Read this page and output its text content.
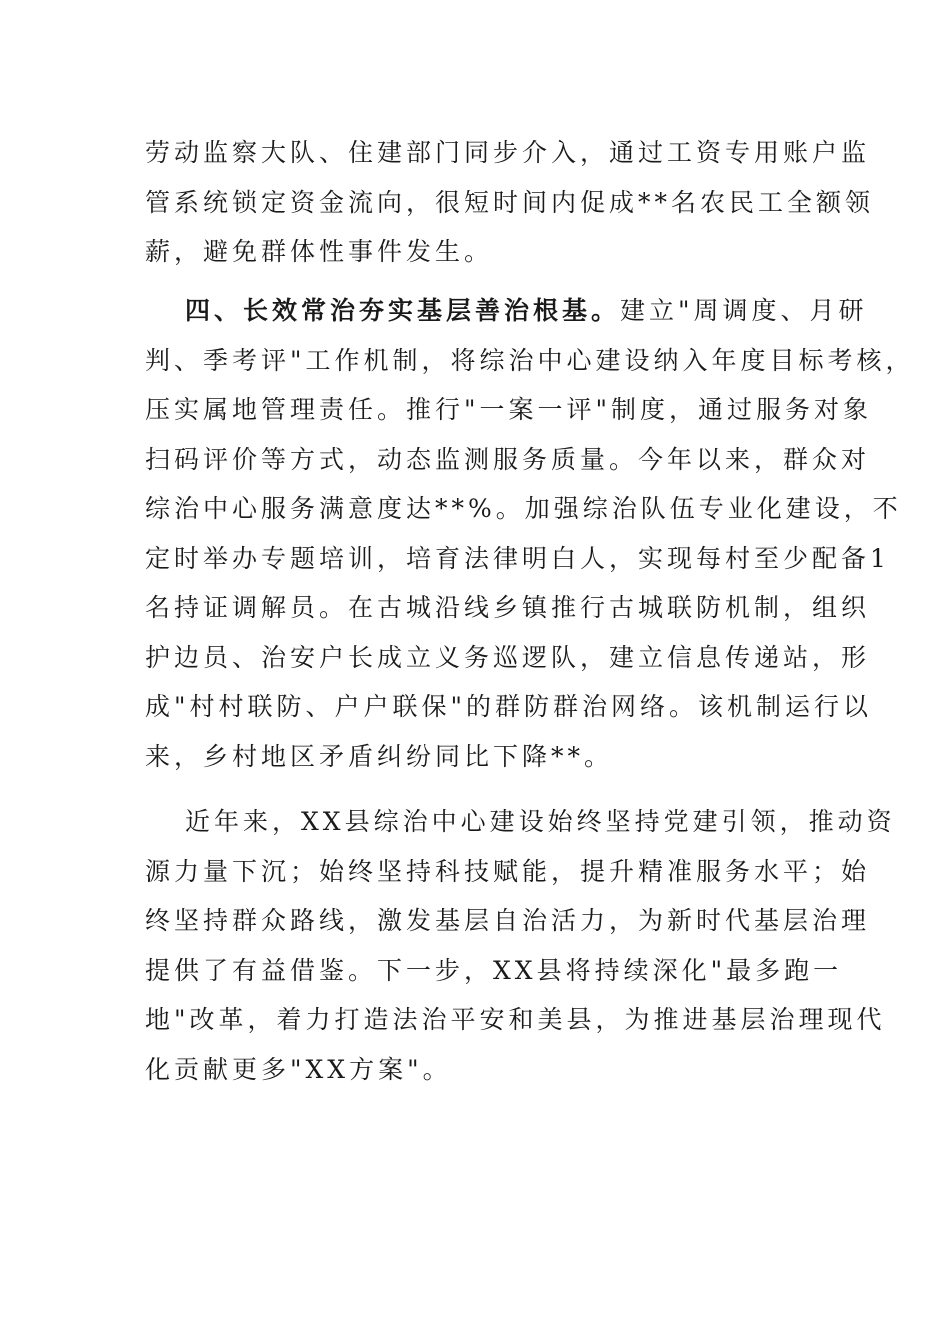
劳动监察大队、住建部门同步介入，通过工资专用账户监
管系统锁定资金流向，很短时间内促成**名农民工全额领
薪，避免群体性事件发生。
四、长效常治夯实基层善治根基。建立"周调度、月研
判、季考评"工作机制，将综治中心建设纳入年度目标考核，
压实属地管理责任。推行"一案一评"制度，通过服务对象
扫码评价等方式，动态监测服务质量。今年以来，群众对
综治中心服务满意度达**%。加强综治队伍专业化建设，不
定时举办专题培训，培育法律明白人，实现每村至少配备1
名持证调解员。在古城沿线乡镇推行古城联防机制，组织
护边员、治安户长成立义务巡逻队，建立信息传递站，形
成"村村联防、户户联保"的群防群治网络。该机制运行以
来，乡村地区矛盾纠纷同比下降**。
近年来，XX县综治中心建设始终坚持党建引领，推动资
源力量下沉；始终坚持科技赋能，提升精准服务水平；始
终坚持群众路线，激发基层自治活力，为新时代基层治理
提供了有益借鉴。下一步，XX县将持续深化"最多跑一
地"改革，着力打造法治平安和美县，为推进基层治理现代
化贡献更多"XX方案"。
